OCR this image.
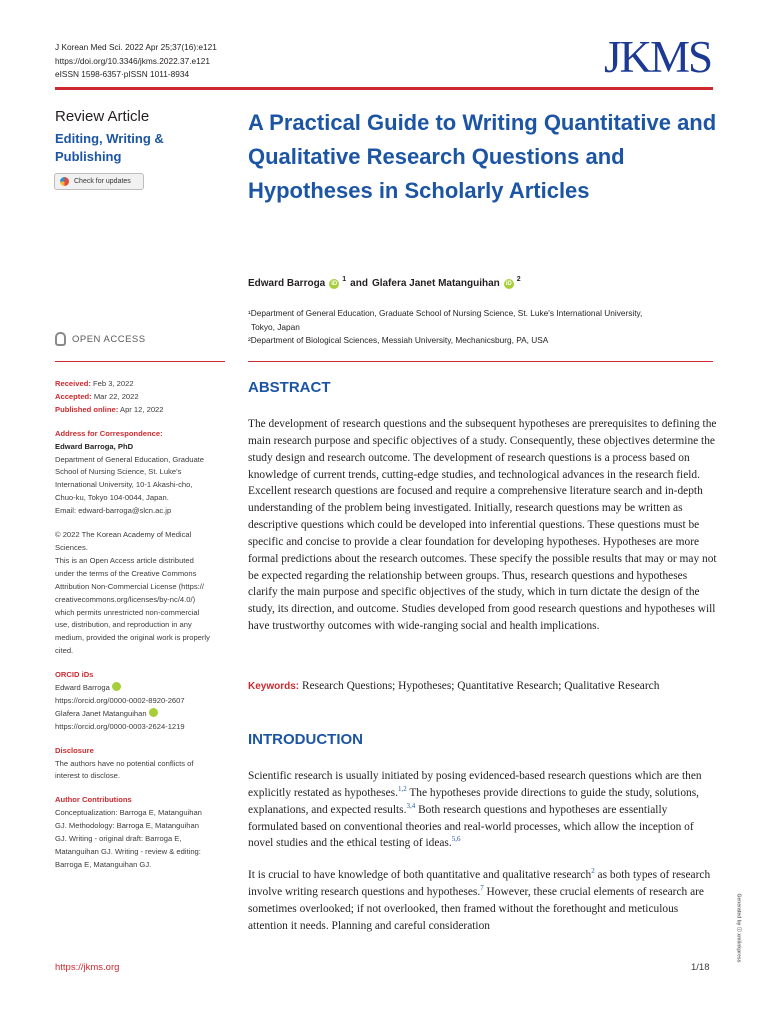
J Korean Med Sci. 2022 Apr 25;37(16):e121
https://doi.org/10.3346/jkms.2022.37.e121
eISSN 1598-6357·pISSN 1011-8934	JKMS
Review Article
Editing, Writing & Publishing
Check for updates
A Practical Guide to Writing Quantitative and Qualitative Research Questions and Hypotheses in Scholarly Articles
Edward Barroga	iD
1 and Glafera Janet Matanguihan	iD
2
¹Department of General Education, Graduate School of Nursing Science, St. Luke's International University,
Tokyo, Japan
²Department of Biological Sciences, Messiah University, Mechanicsburg, PA, USA
OPEN ACCESS
Received: Feb 3, 2022
Accepted: Mar 22, 2022
Published online: Apr 12, 2022
Address for Correspondence:
Edward Barroga, PhD
Department of General Education, Graduate
School of Nursing Science, St. Luke's
International University, 10-1 Akashi-cho,
Chuo-ku, Tokyo 104-0044, Japan.
Email: edward-barroga@slcn.ac.jp
© 2022 The Korean Academy of Medical
Sciences.
This is an Open Access article distributed
under the terms of the Creative Commons
Attribution Non-Commercial License (https://
creativecommons.org/licenses/by-nc/4.0/)
which permits unrestricted non-commercial
use, distribution, and reproduction in any
medium, provided the original work is properly
cited.
ORCID iDs
Edward Barroga
https://orcid.org/0000-0002-8920-2607
Glafera Janet Matanguihan
https://orcid.org/0000-0003-2624-1219
Disclosure
The authors have no potential conflicts of
interest to disclose.
Author Contributions
Conceptualization: Barroga E, Matanguihan
GJ. Methodology: Barroga E, Matanguihan
GJ. Writing - original draft: Barroga E,
Matanguihan GJ. Writing - review & editing:
Barroga E, Matanguihan GJ.
ABSTRACT

The development of research questions and the subsequent hypotheses are prerequisites to defining the main research purpose and specific objectives of a study. Consequently, these objectives determine the study design and research outcome. The development of research questions is a process based on knowledge of current trends, cutting-edge studies, and technological advances in the research field. Excellent research questions are focused and require a comprehensive literature search and in-depth understanding of the problem being investigated. Initially, research questions may be written as descriptive questions which could be developed into inferential questions. These questions must be specific and concise to provide a clear foundation for developing hypotheses. Hypotheses are more formal predictions about the research outcomes. These specify the possible results that may or may not be expected regarding the relationship between groups. Thus, research questions and hypotheses clarify the main purpose and specific objectives of the study, which in turn dictate the design of the study, its direction, and outcome. Studies developed from good research questions and hypotheses will have trustworthy outcomes with wide-ranging social and health implications.

Keywords: Research Questions; Hypotheses; Quantitative Research; Qualitative Research
INTRODUCTION

Scientific research is usually initiated by posing evidenced-based research questions which are then explicitly restated as hypotheses.$^{1,2}$ The hypotheses provide directions to guide the study, solutions, explanations, and expected results.$^{3,4}$ Both research questions and hypotheses are essentially formulated based on conventional theories and real-world processes, which allow the inception of novel studies and the ethical testing of ideas.$^{5,6}$

It is crucial to have knowledge of both quantitative and qualitative research$^2$ as both types of research involve writing research questions and hypotheses.$^7$ However, these crucial elements of research are sometimes overlooked; if not overlooked, then framed without the forethought and meticulous attention it needs. Planning and careful consideration	Generated by ⓘ xmlinkpress
https://jkms.org	1/18
